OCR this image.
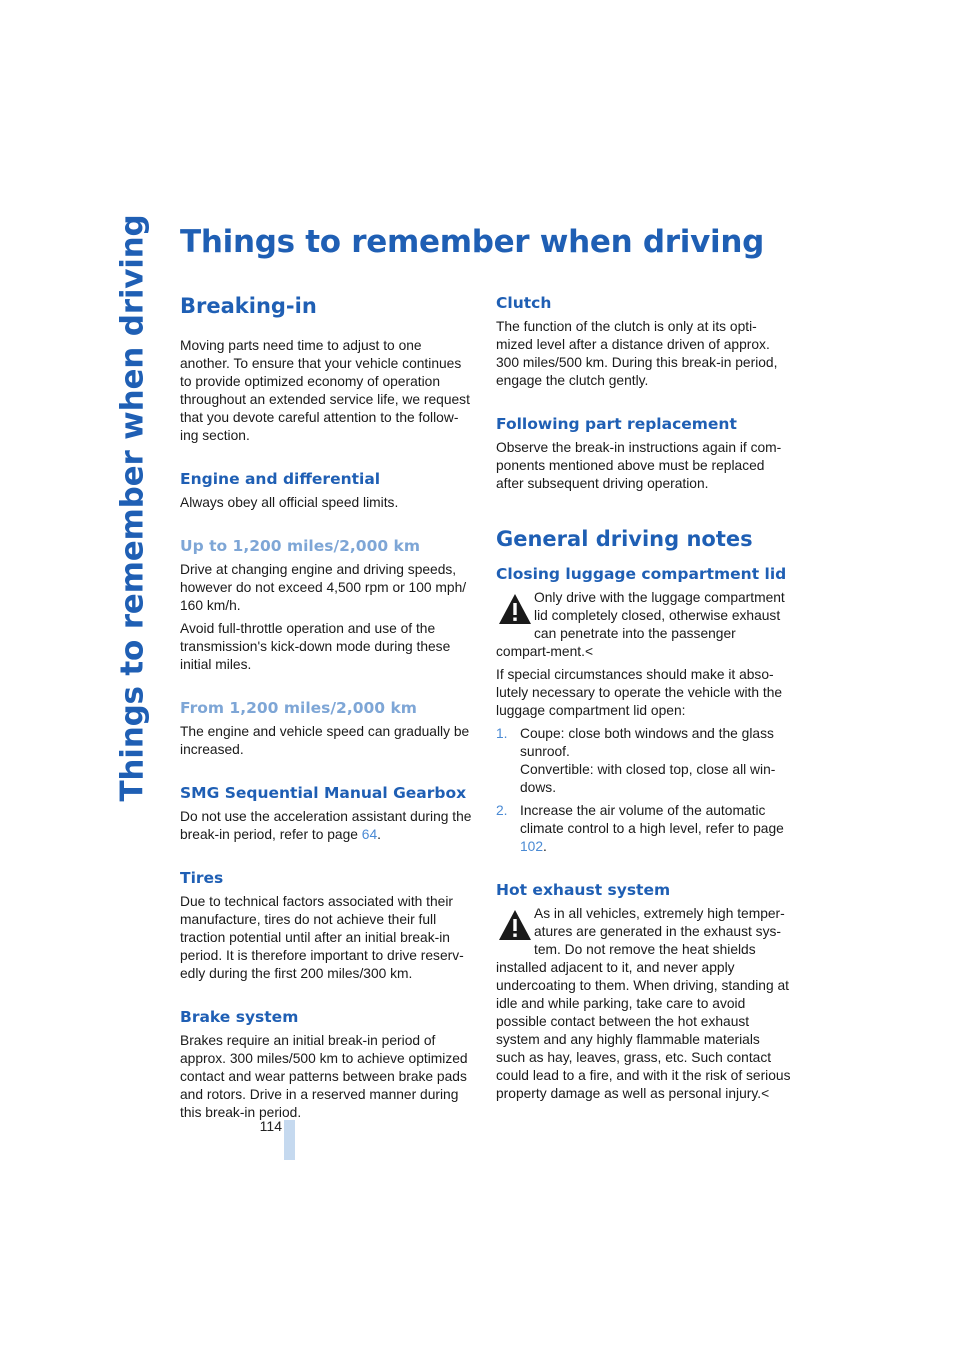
Things to remember when driving Things to remember when driving
Breaking-in

Moving parts need time to adjust to one another. To ensure that your vehicle continues to provide optimized economy of operation throughout an extended service life, we request that you devote careful attention to the follow-ing section.

Engine and differential

Always obey all official speed limits.

Up to 1,200 miles/2,000 km

Drive at changing engine and driving speeds, however do not exceed 4,500 rpm or 100 mph/ 160 km/h.

Avoid full-throttle operation and use of the transmission's kick-down mode during these initial miles.

From 1,200 miles/2,000 km

The engine and vehicle speed can gradually be increased.

SMG Sequential Manual Gearbox

Do not use the acceleration assistant during the break-in period, refer to page 64.

Tires

Due to technical factors associated with their manufacture, tires do not achieve their full traction potential until after an initial break-in period. It is therefore important to drive reserv-edly during the first 200 miles/300 km.

Brake system

Brakes require an initial break-in period of approx. 300 miles/500 km to achieve optimized contact and wear patterns between brake pads and rotors. Drive in a reserved manner during this break-in period.

Clutch

The function of the clutch is only at its opti-mized level after a distance driven of approx. 300 miles/500 km. During this break-in period, engage the clutch gently.

Following part replacement

Observe the break-in instructions again if com-ponents mentioned above must be replaced after subsequent driving operation.

General driving notes
Closing luggage compartment lid

Only drive with the luggage compartment lid completely closed, otherwise exhaust can penetrate into the passenger compart-ment.<

If special circumstances should make it abso-lutely necessary to operate the vehicle with the luggage compartment lid open:

1. Coupe: close both windows and the glass sunroof.
Convertible: with closed top, close all win-dows.
2. Increase the air volume of the automatic climate control to a high level, refer to page 102.
Hot exhaust system

As in all vehicles, extremely high temper-atures are generated in the exhaust sys-tem. Do not remove the heat shields installed adjacent to it, and never apply undercoating to them. When driving, standing at idle and while parking, take care to avoid possible contact between the hot exhaust system and any highly flammable materials such as hay, leaves, grass, etc. Such contact could lead to a fire, and with it the risk of serious property damage as well as personal injury.<

114
